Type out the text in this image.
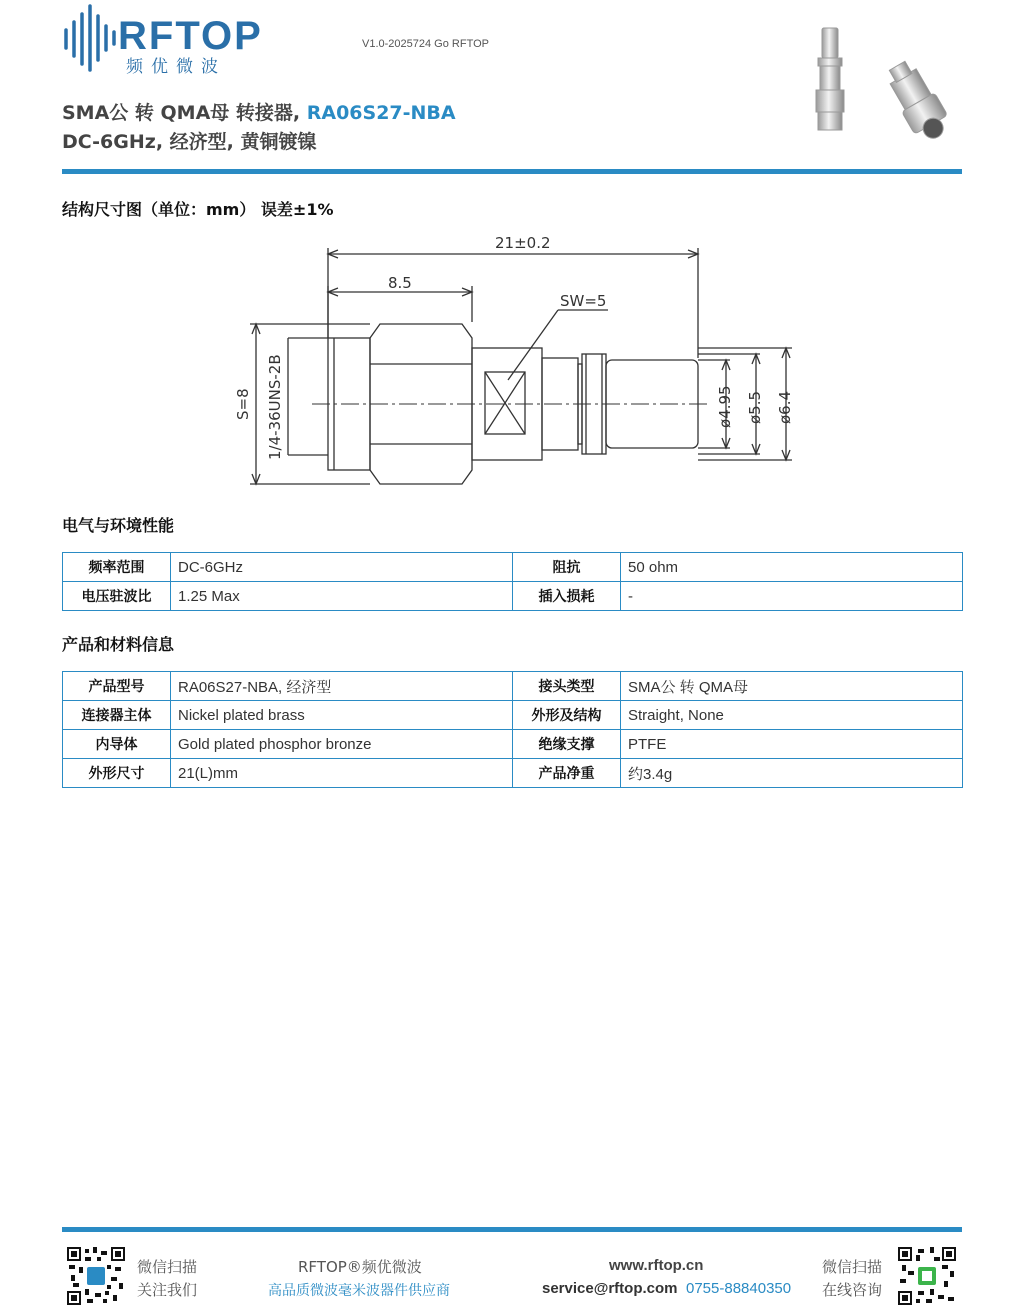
RFTOP
频优微波
V1.0-2025724 Go RFTOP
SMA公 转 QMA母 转接器, RA06S27-NBA
DC-6GHz, 经济型, 黄铜镀镍
结构尺寸图（单位：mm） 误差±1%
21±0.2
8.5
SW=5
S=8 1/4-36UNS-2B	ø4.95 ø5.5 ø6.4
电气与环境性能
频率范围	DC-6GHz	阻抗	50 ohm
电压驻波比	1.25 Max	插入损耗	-
产品和材料信息
产品型号	RA06S27-NBA, 经济型	接头类型	SMA公 转 QMA母
连接器主体	Nickel plated brass	外形及结构	Straight, None
内导体	Gold plated phosphor bronze	绝缘支撑	PTFE
外形尺寸	21(L)mm	产品净重	约3.4g
微信扫描
关注我们
RFTOP®频优微波
高品质微波毫米波器件供应商
www.rftop.cn
service@rftop.com 0755-88840350
微信扫描
在线咨询
